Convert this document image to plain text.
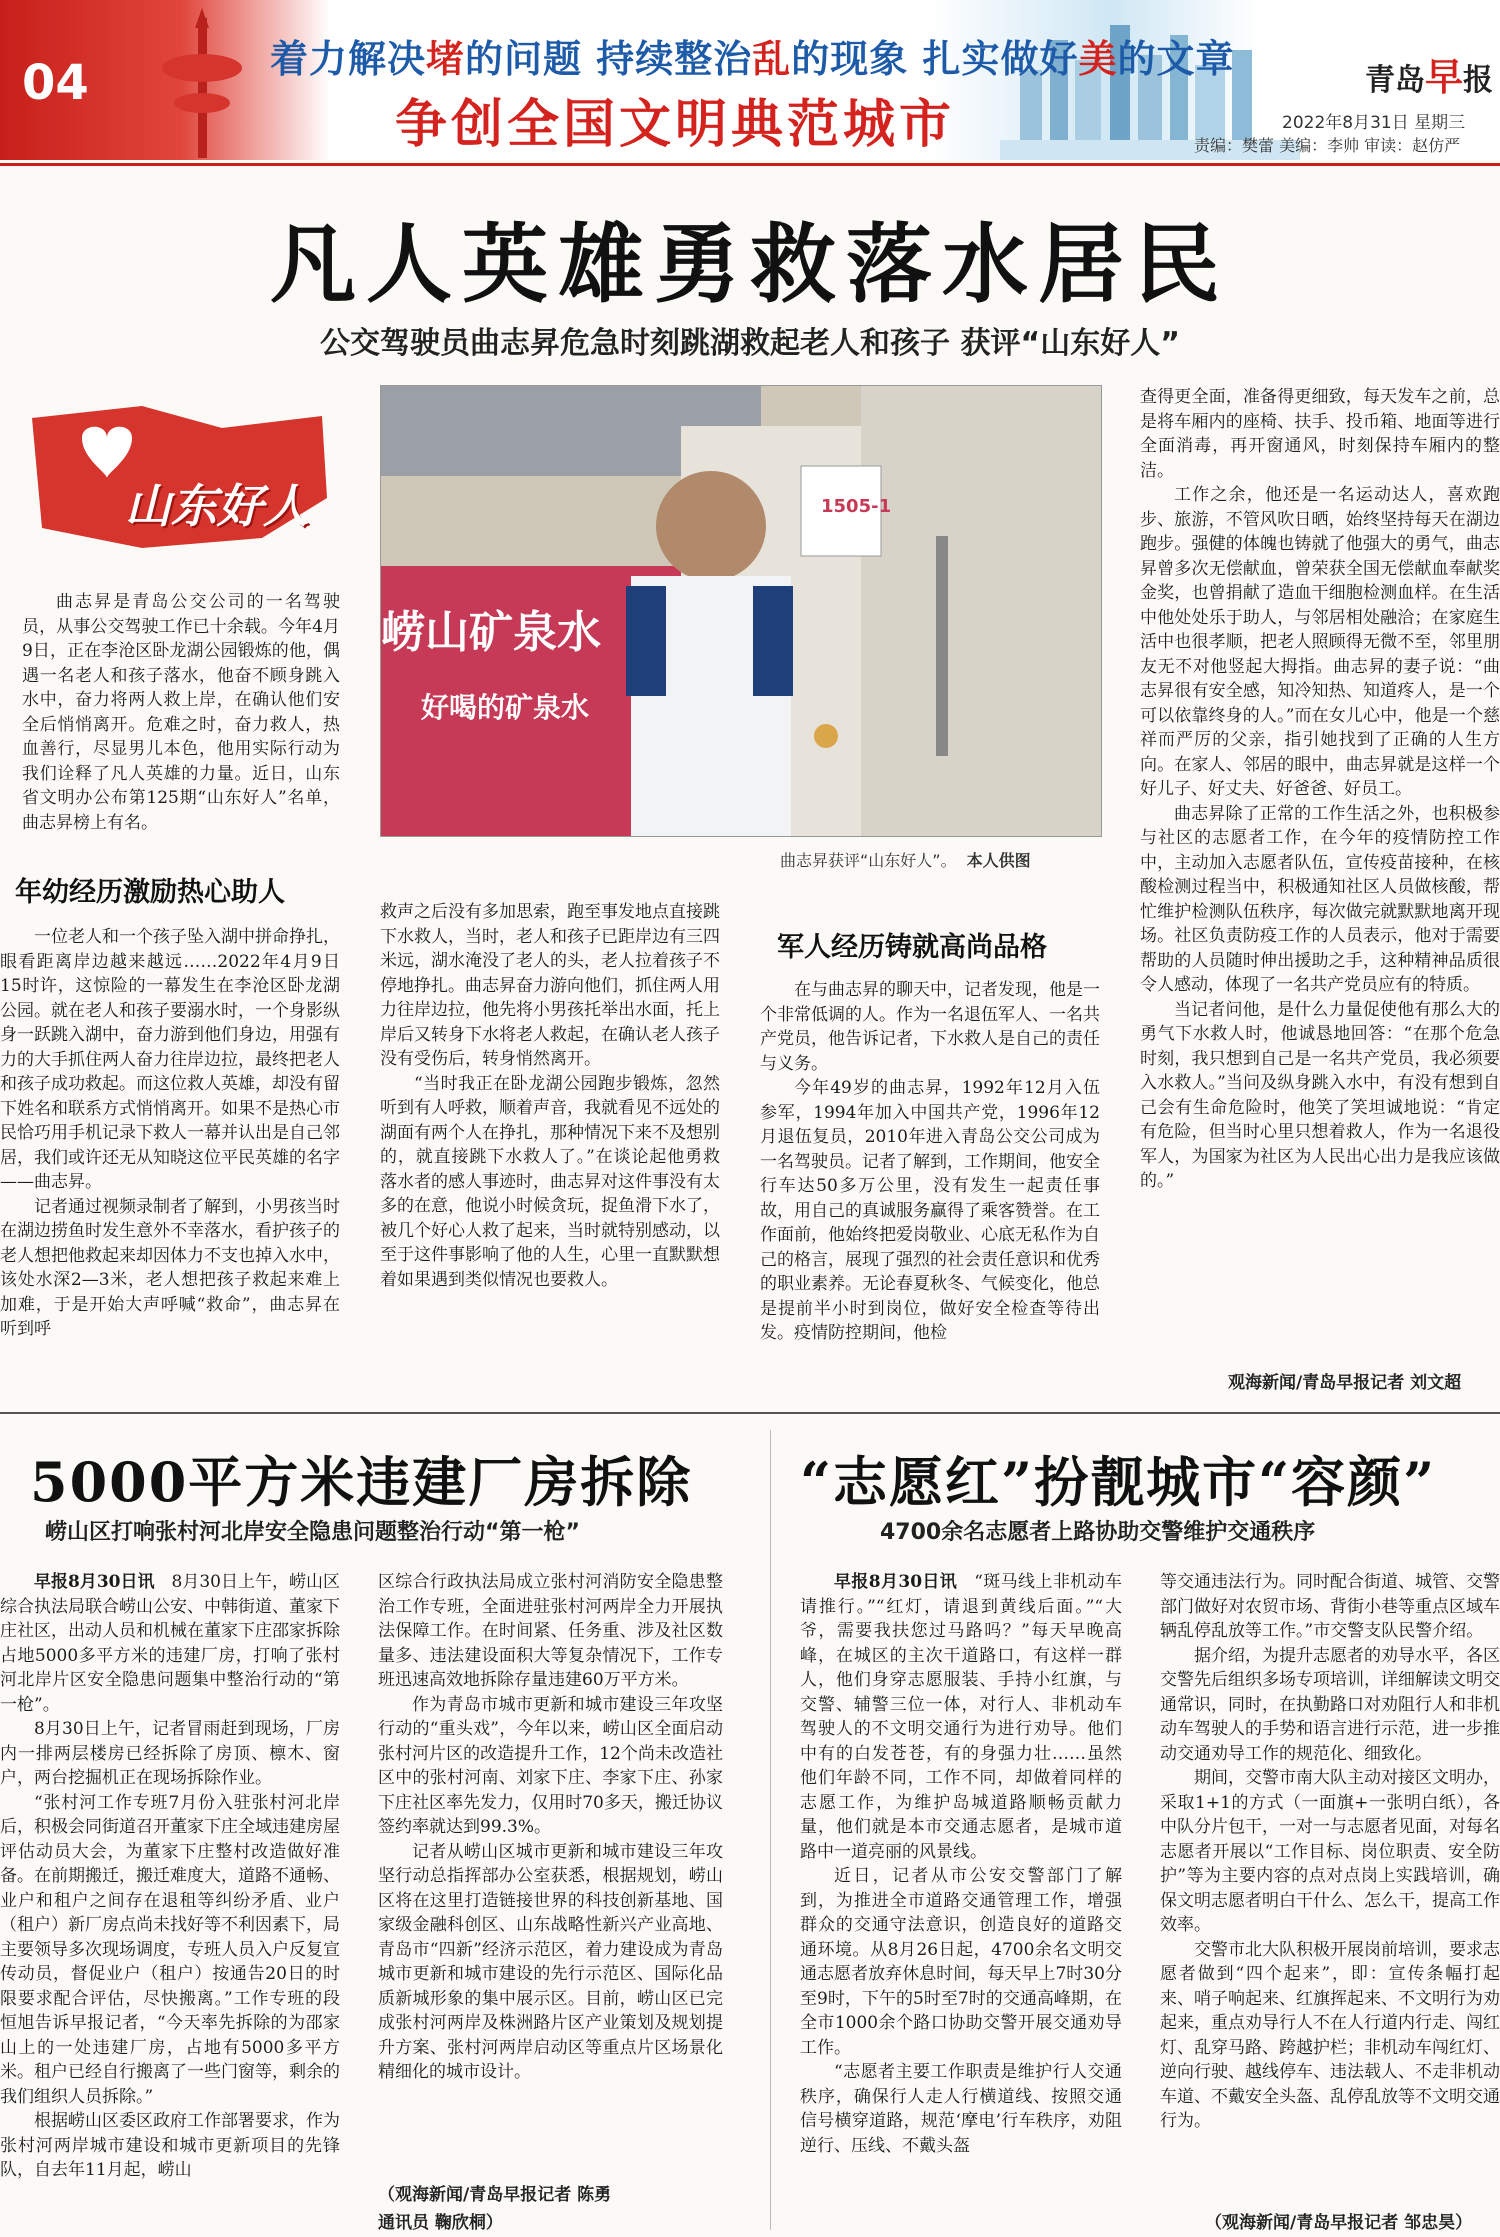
04	着力解决堵的问题 持续整治乱的现象 扎实做好美的文章
争创全国文明典范城市
青岛早报
2022年8月31日 星期三
责编：樊蕾 美编：李帅 审读：赵仿严
凡人英雄勇救落水居民
公交驾驶员曲志昇危急时刻跳湖救起老人和孩子 获评“山东好人”
山东好人
崂山矿泉水
好喝的矿泉水
1505-1
曲志昇获评“山东好人”。 本人供图

曲志昇是青岛公交公司的一名驾驶员，从事公交驾驶工作已十余载。今年4月9日，正在李沧区卧龙湖公园锻炼的他，偶遇一名老人和孩子落水，他奋不顾身跳入水中，奋力将两人救上岸，在确认他们安全后悄悄离开。危难之时，奋力救人，热血善行，尽显男儿本色，他用实际行动为我们诠释了凡人英雄的力量。近日，山东省文明办公布第125期“山东好人”名单，曲志昇榜上有名。

年幼经历激励热心助人

一位老人和一个孩子坠入湖中拼命挣扎，眼看距离岸边越来越远……2022年4月9日15时许，这惊险的一幕发生在李沧区卧龙湖公园。就在老人和孩子要溺水时，一个身影纵身一跃跳入湖中，奋力游到他们身边，用强有力的大手抓住两人奋力往岸边拉，最终把老人和孩子成功救起。而这位救人英雄，却没有留下姓名和联系方式悄悄离开。如果不是热心市民恰巧用手机记录下救人一幕并认出是自己邻居，我们或许还无从知晓这位平民英雄的名字——曲志昇。

记者通过视频录制者了解到，小男孩当时在湖边捞鱼时发生意外不幸落水，看护孩子的老人想把他救起来却因体力不支也掉入水中，该处水深2—3米，老人想把孩子救起来难上加难，于是开始大声呼喊“救命”，曲志昇在听到呼

救声之后没有多加思索，跑至事发地点直接跳下水救人，当时，老人和孩子已距岸边有三四米远，湖水淹没了老人的头，老人拉着孩子不停地挣扎。曲志昇奋力游向他们，抓住两人用力往岸边拉，他先将小男孩托举出水面，托上岸后又转身下水将老人救起，在确认老人孩子没有受伤后，转身悄然离开。

“当时我正在卧龙湖公园跑步锻炼，忽然听到有人呼救，顺着声音，我就看见不远处的湖面有两个人在挣扎，那种情况下来不及想别的，就直接跳下水救人了。”在谈论起他勇救落水者的感人事迹时，曲志昇对这件事没有太多的在意，他说小时候贪玩，捉鱼滑下水了，被几个好心人救了起来，当时就特别感动，以至于这件事影响了他的人生，心里一直默默想着如果遇到类似情况也要救人。

军人经历铸就高尚品格

在与曲志昇的聊天中，记者发现，他是一个非常低调的人。作为一名退伍军人、一名共产党员，他告诉记者，下水救人是自己的责任与义务。

今年49岁的曲志昇，1992年12月入伍参军，1994年加入中国共产党，1996年12月退伍复员，2010年进入青岛公交公司成为一名驾驶员。记者了解到，工作期间，他安全行车达50多万公里，没有发生一起责任事故，用自己的真诚服务赢得了乘客赞誉。在工作面前，他始终把爱岗敬业、心底无私作为自己的格言，展现了强烈的社会责任意识和优秀的职业素养。无论春夏秋冬、气候变化，他总是提前半小时到岗位，做好安全检查等待出发。疫情防控期间，他检

查得更全面，准备得更细致，每天发车之前，总是将车厢内的座椅、扶手、投币箱、地面等进行全面消毒，再开窗通风，时刻保持车厢内的整洁。

工作之余，他还是一名运动达人，喜欢跑步、旅游，不管风吹日晒，始终坚持每天在湖边跑步。强健的体魄也铸就了他强大的勇气，曲志昇曾多次无偿献血，曾荣获全国无偿献血奉献奖金奖，也曾捐献了造血干细胞检测血样。在生活中他处处乐于助人，与邻居相处融洽；在家庭生活中也很孝顺，把老人照顾得无微不至，邻里朋友无不对他竖起大拇指。曲志昇的妻子说：“曲志昇很有安全感，知冷知热、知道疼人，是一个可以依靠终身的人。”而在女儿心中，他是一个慈祥而严厉的父亲，指引她找到了正确的人生方向。在家人、邻居的眼中，曲志昇就是这样一个好儿子、好丈夫、好爸爸、好员工。

曲志昇除了正常的工作生活之外，也积极参与社区的志愿者工作，在今年的疫情防控工作中，主动加入志愿者队伍，宣传疫苗接种，在核酸检测过程当中，积极通知社区人员做核酸，帮忙维护检测队伍秩序，每次做完就默默地离开现场。社区负责防疫工作的人员表示，他对于需要帮助的人员随时伸出援助之手，这种精神品质很令人感动，体现了一名共产党员应有的特质。

当记者问他，是什么力量促使他有那么大的勇气下水救人时，他诚恳地回答：“在那个危急时刻，我只想到自己是一名共产党员，我必须要入水救人。”当问及纵身跳入水中，有没有想到自己会有生命危险时，他笑了笑坦诚地说：“肯定有危险，但当时心里只想着救人，作为一名退役军人，为国家为社区为人民出心出力是我应该做的。”

观海新闻/青岛早报记者 刘文超
5000平方米违建厂房拆除
崂山区打响张村河北岸安全隐患问题整治行动“第一枪”

早报8月30日讯  8月30日上午，崂山区综合执法局联合崂山公安、中韩街道、董家下庄社区，出动人员和机械在董家下庄邵家拆除占地5000多平方米的违建厂房，打响了张村河北岸片区安全隐患问题集中整治行动的“第一枪”。

8月30日上午，记者冒雨赶到现场，厂房内一排两层楼房已经拆除了房顶、檩木、窗户，两台挖掘机正在现场拆除作业。

“张村河工作专班7月份入驻张村河北岸后，积极会同街道召开董家下庄全域违建房屋评估动员大会，为董家下庄整村改造做好准备。在前期搬迁，搬迁难度大，道路不通畅、业户和租户之间存在退租等纠纷矛盾、业户（租户）新厂房点尚未找好等不利因素下，局主要领导多次现场调度，专班人员入户反复宣传动员，督促业户（租户）按通告20日的时限要求配合评估，尽快搬离。”工作专班的段恒旭告诉早报记者，“今天率先拆除的为邵家山上的一处违建厂房，占地有5000多平方米。租户已经自行搬离了一些门窗等，剩余的我们组织人员拆除。”

根据崂山区委区政府工作部署要求，作为张村河两岸城市建设和城市更新项目的先锋队，自去年11月起，崂山

区综合行政执法局成立张村河消防安全隐患整治工作专班，全面进驻张村河两岸全力开展执法保障工作。在时间紧、任务重、涉及社区数量多、违法建设面积大等复杂情况下，工作专班迅速高效地拆除存量违建60万平方米。

作为青岛市城市更新和城市建设三年攻坚行动的“重头戏”，今年以来，崂山区全面启动张村河片区的改造提升工作，12个尚未改造社区中的张村河南、刘家下庄、李家下庄、孙家下庄社区率先发力，仅用时70多天，搬迁协议签约率就达到99.3%。

记者从崂山区城市更新和城市建设三年攻坚行动总指挥部办公室获悉，根据规划，崂山区将在这里打造链接世界的科技创新基地、国家级金融科创区、山东战略性新兴产业高地、青岛市“四新”经济示范区，着力建设成为青岛城市更新和城市建设的先行示范区、国际化品质新城形象的集中展示区。目前，崂山区已完成张村河两岸及株洲路片区产业策划及规划提升方案、张村河两岸启动区等重点片区场景化精细化的城市设计。

（观海新闻/青岛早报记者 陈勇
通讯员 鞠欣桐）
“志愿红”扮靓城市“容颜”
4700余名志愿者上路协助交警维护交通秩序

早报8月30日讯  “斑马线上非机动车请推行。”“红灯，请退到黄线后面。”“大爷，需要我扶您过马路吗？”每天早晚高峰，在城区的主次干道路口，有这样一群人，他们身穿志愿服装、手持小红旗，与交警、辅警三位一体，对行人、非机动车驾驶人的不文明交通行为进行劝导。他们中有的白发苍苍，有的身强力壮……虽然他们年龄不同，工作不同，却做着同样的志愿工作，为维护岛城道路顺畅贡献力量，他们就是本市交通志愿者，是城市道路中一道亮丽的风景线。

近日，记者从市公安交警部门了解到，为推进全市道路交通管理工作，增强群众的交通守法意识，创造良好的道路交通环境。从8月26日起，4700余名文明交通志愿者放弃休息时间，每天早上7时30分至9时，下午的5时至7时的交通高峰期，在全市1000余个路口协助交警开展交通劝导工作。

“志愿者主要工作职责是维护行人交通秩序，确保行人走人行横道线、按照交通信号横穿道路，规范‘摩电’行车秩序，劝阻逆行、压线、不戴头盔

等交通违法行为。同时配合街道、城管、交警部门做好对农贸市场、背街小巷等重点区域车辆乱停乱放等工作。”市交警支队民警介绍。

据介绍，为提升志愿者的劝导水平，各区交警先后组织多场专项培训，详细解读文明交通常识，同时，在执勤路口对劝阻行人和非机动车驾驶人的手势和语言进行示范，进一步推动交通劝导工作的规范化、细致化。

期间，交警市南大队主动对接区文明办，采取1+1的方式（一面旗+一张明白纸），各中队分片包干，一对一与志愿者见面，对每名志愿者开展以“工作目标、岗位职责、安全防护”等为主要内容的点对点岗上实践培训，确保文明志愿者明白干什么、怎么干，提高工作效率。

交警市北大队积极开展岗前培训，要求志愿者做到“四个起来”，即：宣传条幅打起来、哨子响起来、红旗挥起来、不文明行为劝起来，重点劝导行人不在人行道内行走、闯红灯、乱穿马路、跨越护栏；非机动车闯红灯、逆向行驶、越线停车、违法载人、不走非机动车道、不戴安全头盔、乱停乱放等不文明交通行为。

（观海新闻/青岛早报记者 邹忠昊）
